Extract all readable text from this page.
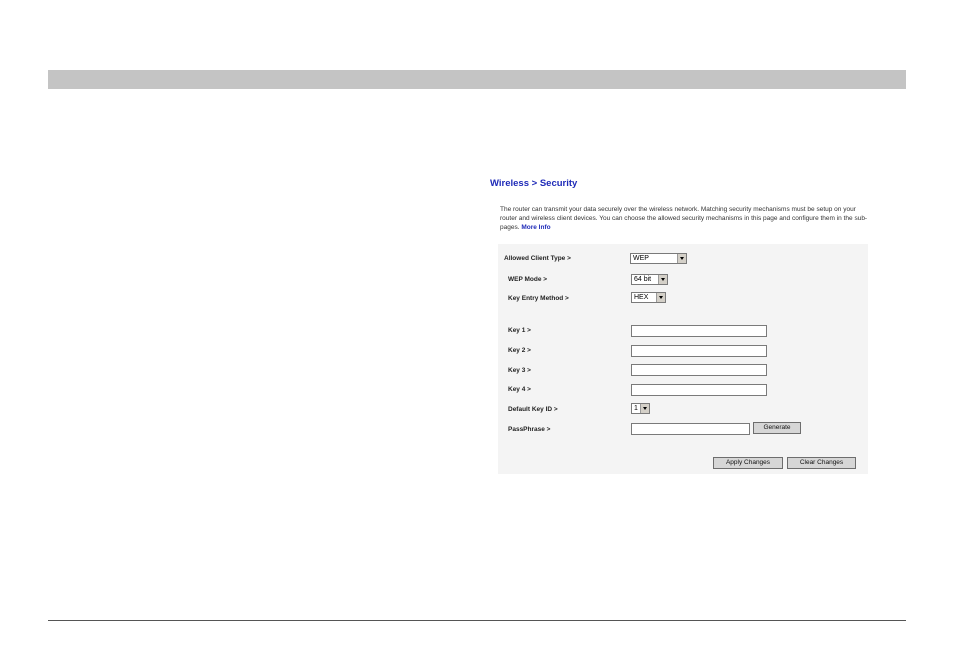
Wireless > Security
The router can transmit your data securely over the wireless network. Matching security mechanisms must be setup on your router and wireless client devices. You can choose the allowed security mechanisms in this page and configure them in the sub-pages. More Info
Allowed Client Type >	WEP
WEP Mode >	64 bit
Key Entry Method >	HEX
Key 1 >
Key 2 >
Key 3 >
Key 4 >
Default Key ID >	1
PassPhrase >	Generate
Apply Changes	Clear Changes
